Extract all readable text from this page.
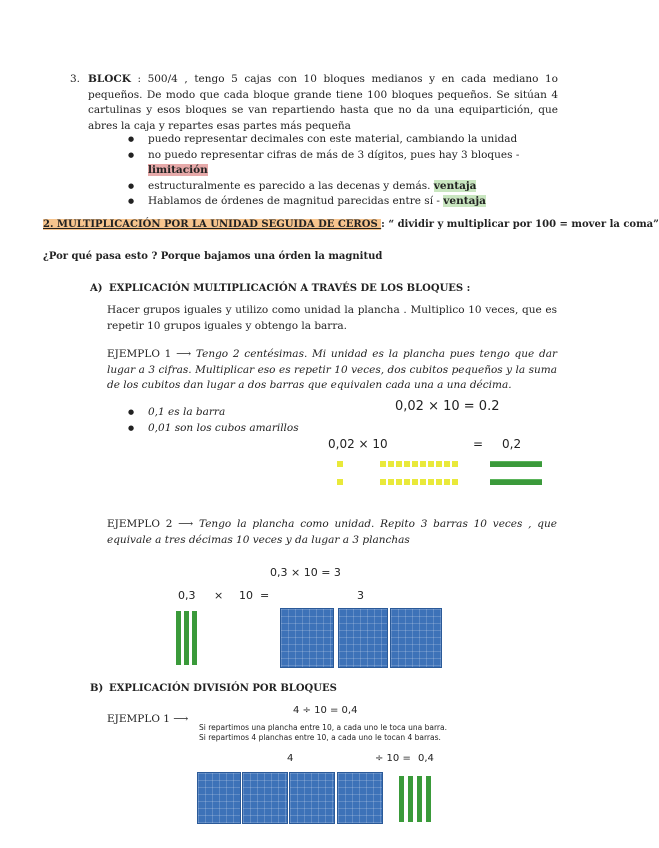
3. BLOCK : 500/4 , tengo 5 cajas con 10 bloques medianos y en cada mediano 1o pequeños. De modo que cada bloque grande tiene 100 bloques pequeños. Se sitúan 4 cartulinas y esos bloques se van repartiendo hasta que no da una equipartición, que abres la caja y repartes esas partes más pequeña
● puedo representar decimales con este material, cambiando la unidad
● no puedo representar cifras de más de 3 dígitos, pues hay 3 bloques - limitación
● estructuralmente es parecido a las decenas y demás. ventaja
● Hablamos de órdenes de magnitud parecidas entre sí - ventaja
2. MULTIPLICACIÓN POR LA UNIDAD SEGUIDA DE CEROS : “ dividir y multiplicar por 100 = mover la coma”
¿Por qué pasa esto ? Porque bajamos una órden la magnitud
A) EXPLICACIÓN MULTIPLICACIÓN A TRAVÉS DE LOS BLOQUES :
Hacer grupos iguales y utilizo como unidad la plancha . Multiplico 10 veces, que es repetir 10 grupos iguales y obtengo la barra.
EJEMPLO 1 ⟶ Tengo 2 centésimas. Mi unidad es la plancha pues tengo que dar lugar a 3 cifras. Multiplicar eso es repetir 10 veces, dos cubitos pequeños y la suma de los cubitos dan lugar a dos barras que equivalen cada una a una décima.
● 0,1 es la barra
● 0,01 son los cubos amarillos
0,02 × 10 = 0.2
0,02 × 10	= 0,2
EJEMPLO 2 ⟶ Tengo la plancha como unidad. Repito 3 barras 10 veces , que equivale a tres décimas 10 veces y da lugar a 3 planchas
0,3 × 10 = 3
0,3 × 10 =	3
B) EXPLICACIÓN DIVISIÓN POR BLOQUES
EJEMPLO 1 ⟶
4 ÷ 10 = 0,4
Si repartimos una plancha entre 10, a cada uno le toca una barra.
Si repartimos 4 planchas entre 10, a cada uno le tocan 4 barras.
4	÷ 10 = 0,4
